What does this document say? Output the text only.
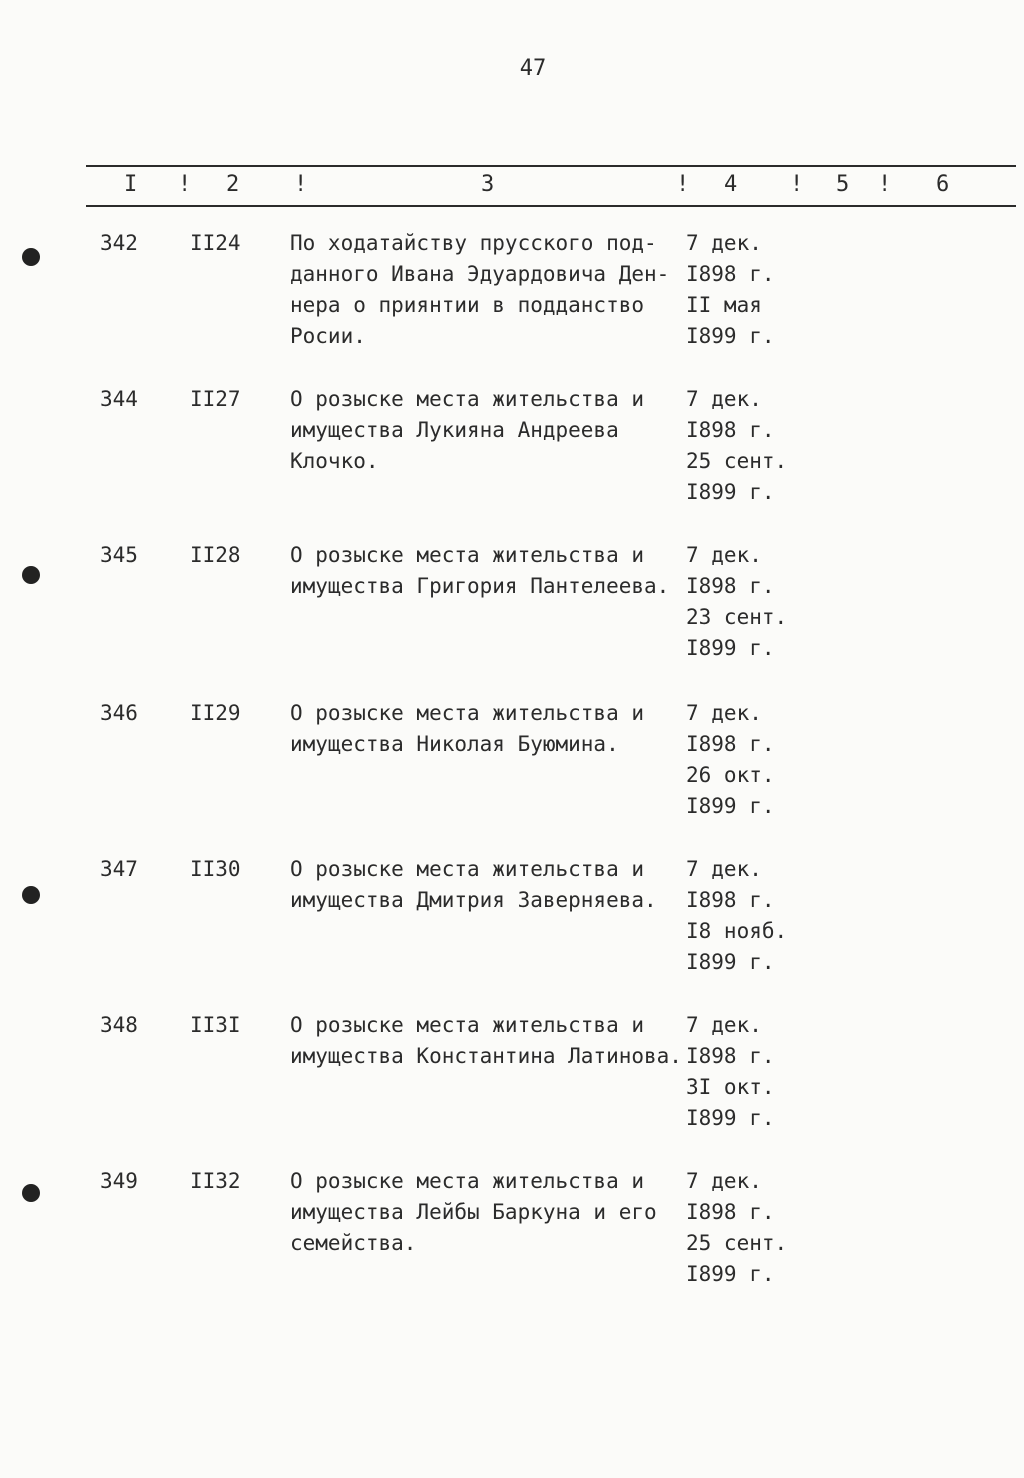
47
I ! 2 !	3	! 4 ! 5 ! 6
342 II24 По ходатайству прусского под-
данного Ивана Эдуардовича Ден-
нера о приянтии в подданство
Росии.
7 дек.
I898 г.
II мая
I899 г.
344 II27 О розыске места жительства и
имущества Лукияна Андреева
Клочко.
7 дек.
I898 г.
25 сент.
I899 г.
345 II28 О розыске места жительства и
имущества Григория Пантелеева.
7 дек.
I898 г.
23 сент.
I899 г.
346 II29 О розыске места жительства и
имущества Николая Буюмина.
7 дек.
I898 г.
26 окт.
I899 г.
347 II30 О розыске места жительства и
имущества Дмитрия Заверняева.
7 дек.
I898 г.
I8 нояб.
I899 г.
348 II3I О розыске места жительства и
имущества Константина Латинова.
7 дек.
I898 г.
3I окт.
I899 г.
349 II32 О розыске места жительства и
имущества Лейбы Баркуна и его
семейства.
7 дек.
I898 г.
25 сент.
I899 г.
